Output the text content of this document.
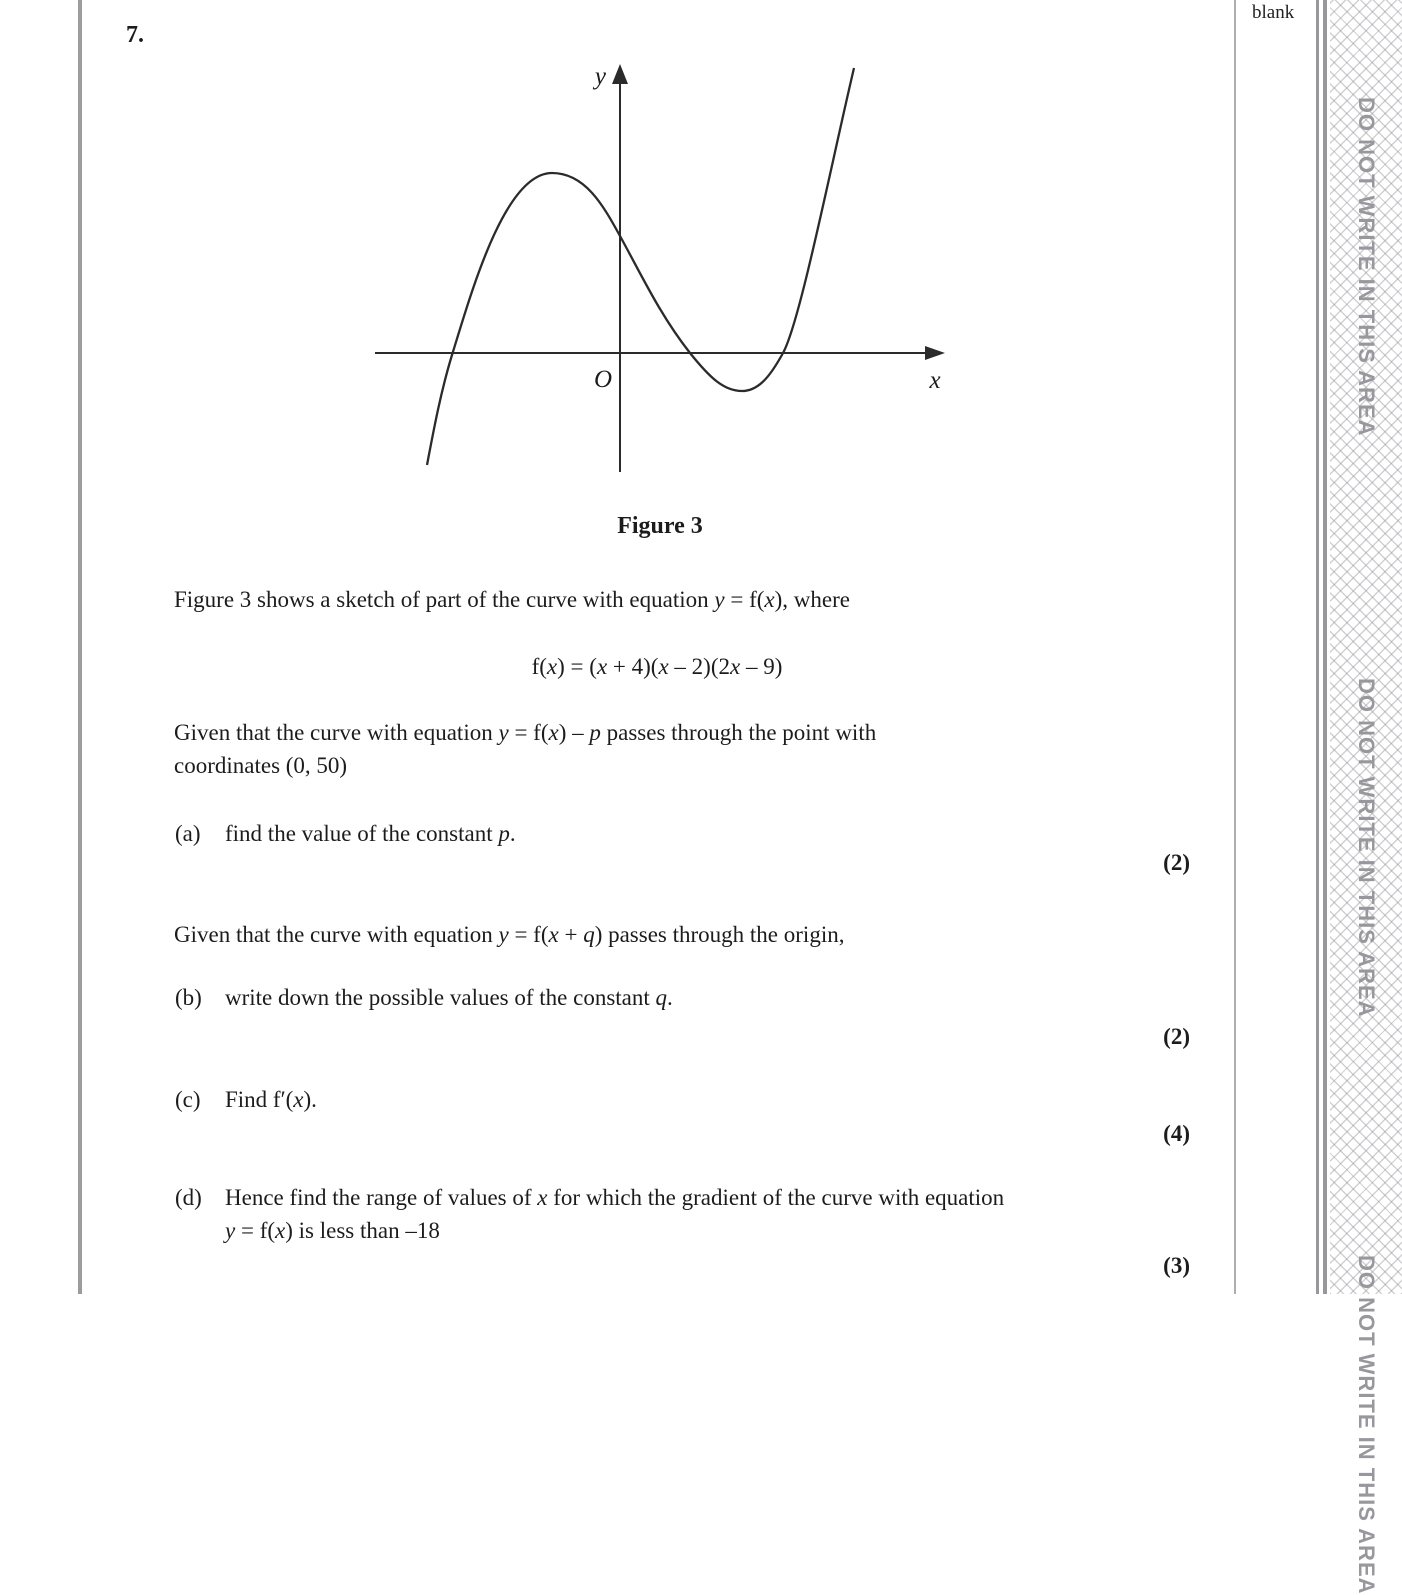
blank
DO NOT WRITE IN THIS AREA
DO NOT WRITE IN THIS AREA
DO NOT WRITE IN THIS AREA
7.
y
x
O
Figure 3
Figure 3 shows a sketch of part of the curve with equation y = f(x), where
f(x) = (x + 4)(x – 2)(2x – 9)
Given that the curve with equation y = f(x) – p passes through the point with
coordinates (0, 50)
(a) find the value of the constant p.
(2)
Given that the curve with equation y = f(x + q) passes through the origin,
(b) write down the possible values of the constant q.
(2)
(c) Find f′(x).
(4)
(d) Hence find the range of values of x for which the gradient of the curve with equation
y = f(x) is less than –18
(3)
